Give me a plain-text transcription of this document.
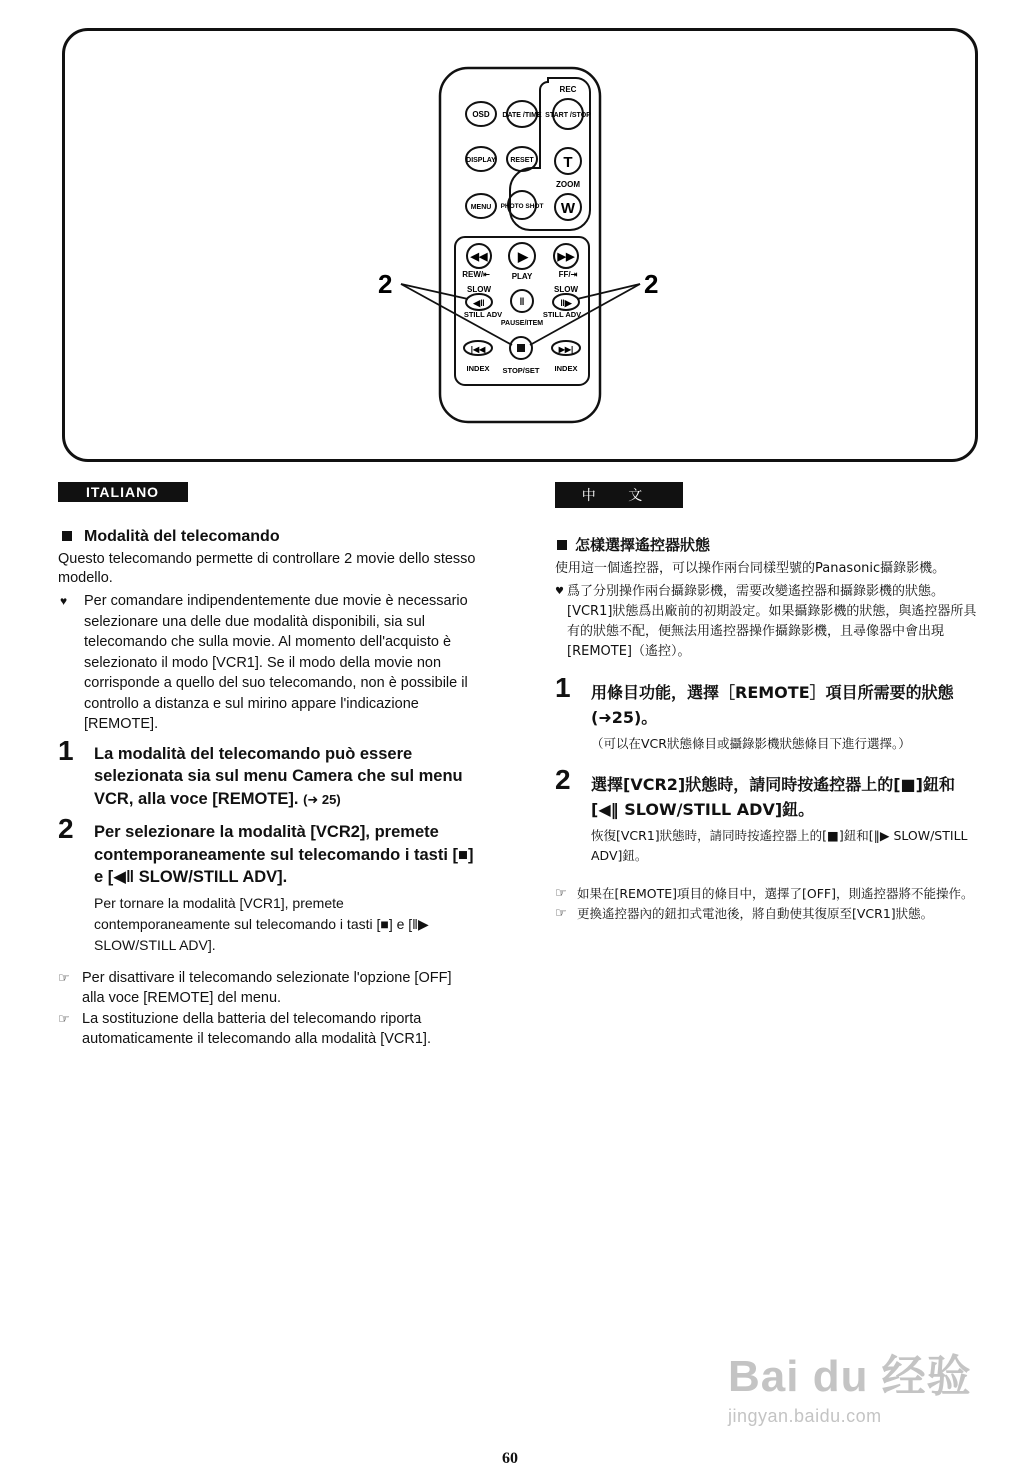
OSD DATE /TIME
REC
START /STOP
DISPLAY RESET T
ZOOM
MENU PHOTO SHOT W
◀◀ ▶	▶▶
REW/⇤	PLAY	FF/⇥
SLOW	SLOW
◀‖	‖	‖▶
STILL ADV	STILL ADV
PAUSE/ITEM
|◀◀	▶▶|
INDEX STOP/SET INDEX
2	2
ITALIANO
Modalità del telecomando

Questo telecomando permette di controllare 2 movie dello stesso modello.

♥ Per comandare indipendentemente due movie è necessario selezionare una delle due modalità disponibili, sia sul telecomando che sulla movie. Al momento dell'acquisto è selezionato il modo [VCR1]. Se il modo della movie non corrisponde a quello del suo telecomando, non è possibile il controllo a distanza e sul mirino appare l'indicazione [REMOTE].
1 La modalità del telecomando può essere selezionata sia sul menu Camera che sul menu VCR, alla voce [REMOTE]. (➜ 25)
2 Per selezionare la modalità [VCR2], premete contemporaneamente sul telecomando i tasti [■] e [◀‖ SLOW/STILL ADV].
Per tornare la modalità [VCR1], premete contemporaneamente sul telecomando i tasti [■] e [‖▶ SLOW/STILL ADV].
☞ Per disattivare il telecomando selezionate l'opzione [OFF] alla voce [REMOTE] del menu.
☞ La sostituzione della batteria del telecomando riporta automaticamente il telecomando alla modalità [VCR1].
中 文
怎樣選擇遙控器狀態

使用這一個遙控器，可以操作兩台同樣型號的Panasonic攝錄影機。

♥ 爲了分別操作兩台攝錄影機，需要改變遙控器和攝錄影機的狀態。[VCR1]狀態爲出廠前的初期設定。如果攝錄影機的狀態，與遙控器所具有的狀態不配，便無法用遙控器操作攝錄影機，且尋像器中會出現[REMOTE]（遙控）。
1 用條目功能，選擇［REMOTE］項目所需要的狀態(➜25)。
（可以在VCR狀態條目或攝錄影機狀態條目下進行選擇。）
2 選擇[VCR2]狀態時，請同時按遙控器上的[■]鈕和[◀‖ SLOW/STILL ADV]鈕。
恢復[VCR1]狀態時，請同時按遙控器上的[■]鈕和[‖▶ SLOW/STILL ADV]鈕。
☞ 如果在[REMOTE]項目的條目中，選擇了[OFF]，則遙控器將不能操作。
☞ 更換遙控器內的鈕扣式電池後，將自動使其復原至[VCR1]狀態。
Bai du 经验
jingyan.baidu.com
60
